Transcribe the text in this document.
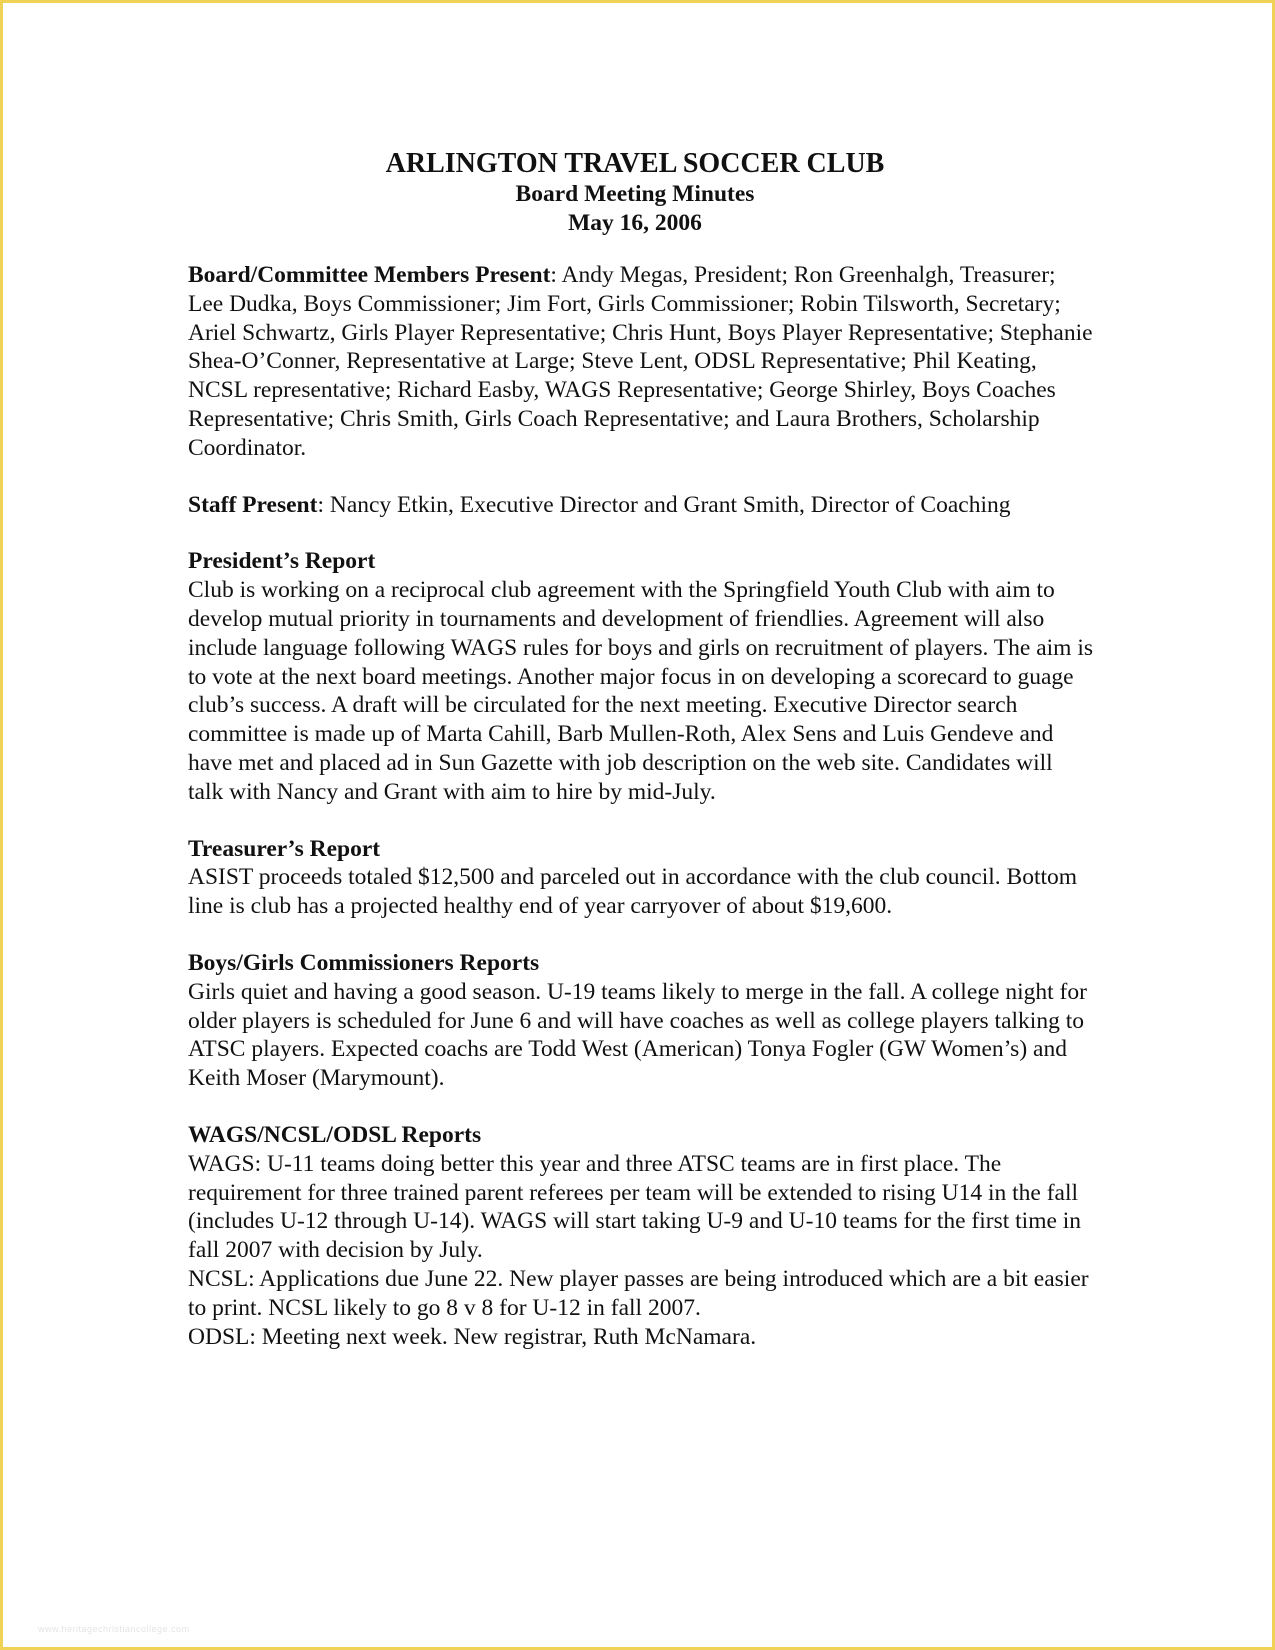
ARLINGTON TRAVEL SOCCER CLUB
Board Meeting Minutes
May 16, 2006

Board/Committee Members Present: Andy Megas, President; Ron Greenhalgh, Treasurer; Lee Dudka, Boys Commissioner; Jim Fort, Girls Commissioner; Robin Tilsworth, Secretary; Ariel Schwartz, Girls Player Representative; Chris Hunt, Boys Player Representative; Stephanie Shea-O’Conner, Representative at Large; Steve Lent, ODSL Representative; Phil Keating, NCSL representative; Richard Easby, WAGS Representative; George Shirley, Boys Coaches Representative; Chris Smith, Girls Coach Representative; and Laura Brothers, Scholarship Coordinator.

Staff Present: Nancy Etkin, Executive Director and Grant Smith, Director of Coaching

President’s Report

Club is working on a reciprocal club agreement with the Springfield Youth Club with aim to develop mutual priority in tournaments and development of friendlies. Agreement will also include language following WAGS rules for boys and girls on recruitment of players. The aim is to vote at the next board meetings. Another major focus in on developing a scorecard to guage club’s success. A draft will be circulated for the next meeting. Executive Director search committee is made up of Marta Cahill, Barb Mullen-Roth, Alex Sens and Luis Gendeve and have met and placed ad in Sun Gazette with job description on the web site. Candidates will talk with Nancy and Grant with aim to hire by mid-July.

Treasurer’s Report

ASIST proceeds totaled $12,500 and parceled out in accordance with the club council. Bottom line is club has a projected healthy end of year carryover of about $19,600.

Boys/Girls Commissioners Reports

Girls quiet and having a good season. U-19 teams likely to merge in the fall. A college night for older players is scheduled for June 6 and will have coaches as well as college players talking to ATSC players. Expected coachs are Todd West (American) Tonya Fogler (GW Women’s) and Keith Moser (Marymount).

WAGS/NCSL/ODSL Reports

WAGS: U-11 teams doing better this year and three ATSC teams are in first place. The requirement for three trained parent referees per team will be extended to rising U14 in the fall (includes U-12 through U-14). WAGS will start taking U-9 and U-10 teams for the first time in fall 2007 with decision by July.

NCSL: Applications due June 22. New player passes are being introduced which are a bit easier to print. NCSL likely to go 8 v 8 for U-12 in fall 2007.

ODSL: Meeting next week. New registrar, Ruth McNamara.

www.heritagechristiancollege.com
